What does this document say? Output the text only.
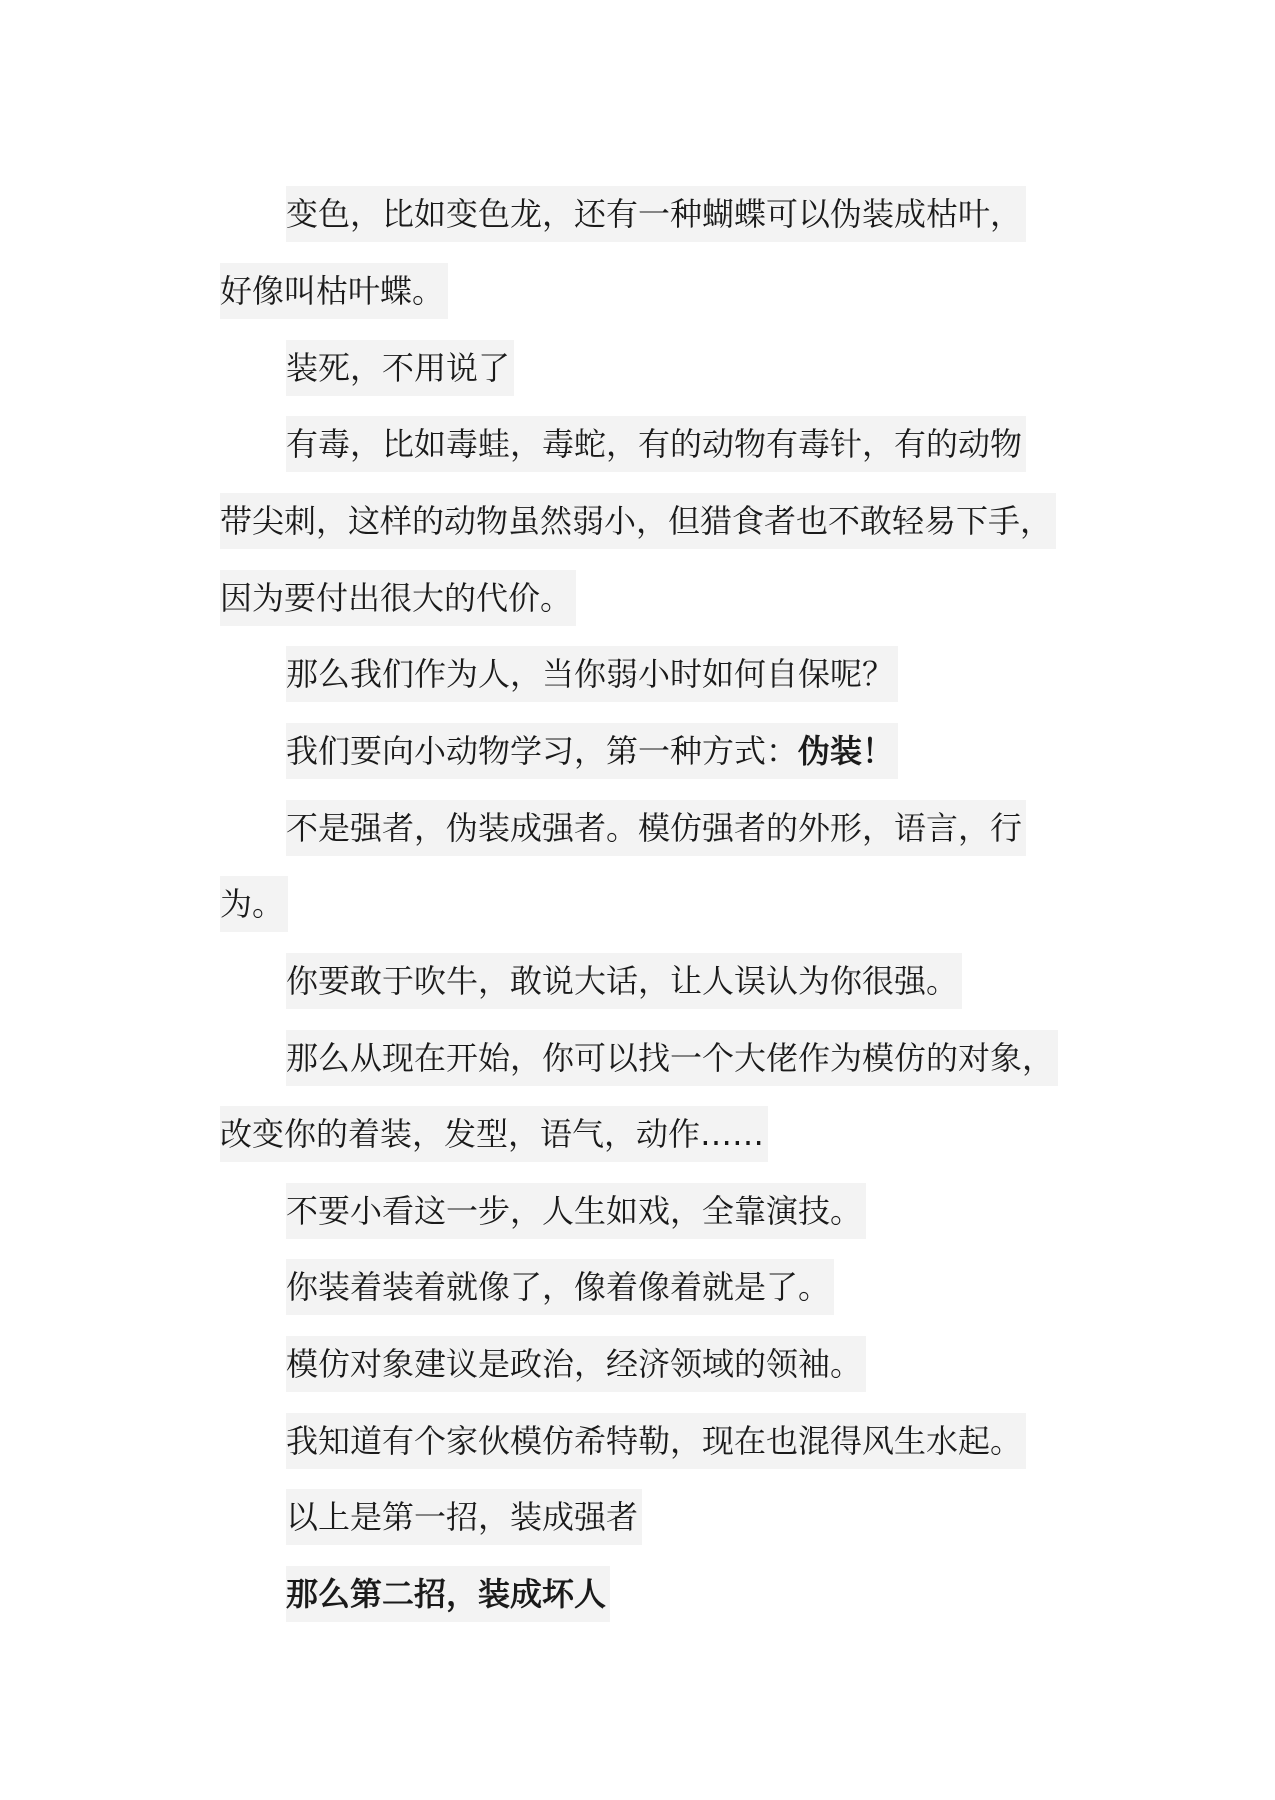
变色，比如变色龙，还有一种蝴蝶可以伪装成枯叶，
好像叫枯叶蝶。
装死，不用说了
有毒，比如毒蛙，毒蛇，有的动物有毒针，有的动物
带尖刺，这样的动物虽然弱小，但猎食者也不敢轻易下手，
因为要付出很大的代价。
那么我们作为人，当你弱小时如何自保呢？
我们要向小动物学习，第一种方式：伪装！
不是强者，伪装成强者。模仿强者的外形，语言，行
为。
你要敢于吹牛，敢说大话，让人误认为你很强。
那么从现在开始，你可以找一个大佬作为模仿的对象，
改变你的着装，发型，语气，动作……
不要小看这一步，人生如戏，全靠演技。
你装着装着就像了，像着像着就是了。
模仿对象建议是政治，经济领域的领袖。
我知道有个家伙模仿希特勒，现在也混得风生水起。
以上是第一招，装成强者
那么第二招，装成坏人
